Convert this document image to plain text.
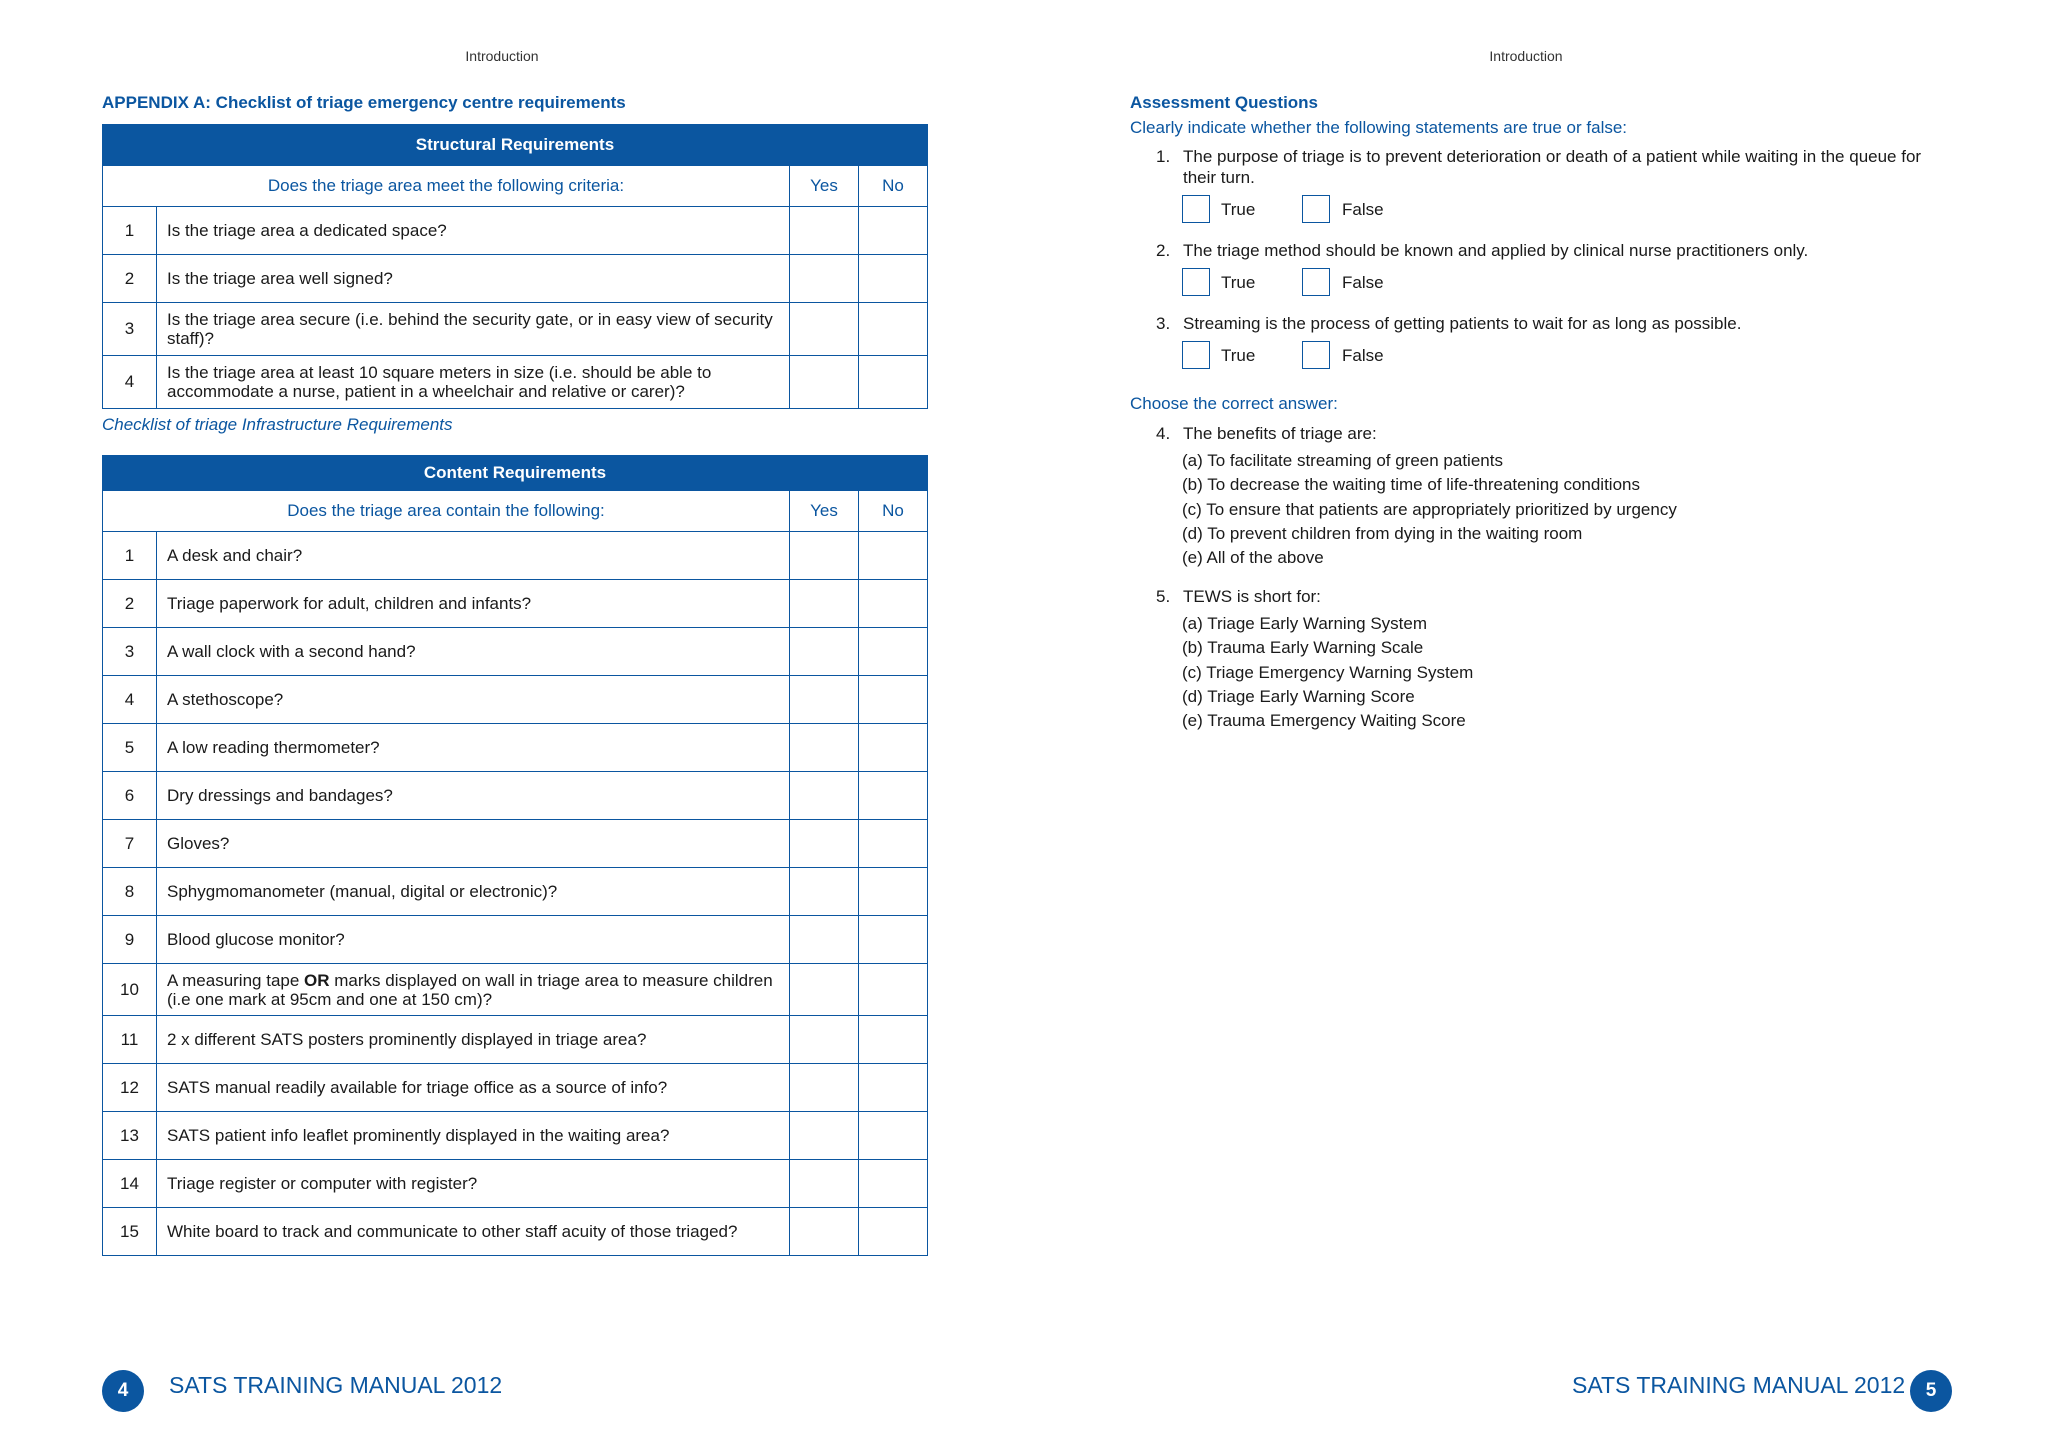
Introduction
APPENDIX A: Checklist of triage emergency centre requirements
Structural Requirements			
Does the triage area meet the following criteria:		Yes	No
1	Is the triage area a dedicated space?		
2	Is the triage area well signed?		
3	Is the triage area secure (i.e. behind the security gate, or in easy view of security staff)?		
4	Is the triage area at least 10 square meters in size (i.e. should be able to accommodate a nurse, patient in a wheelchair and relative or carer)?		
Checklist of triage Infrastructure Requirements
Content Requirements			
Does the triage area contain the following:		Yes	No
1	A desk and chair?		
2	Triage paperwork for adult, children and infants?		
3	A wall clock with a second hand?		
4	A stethoscope?		
5	A low reading thermometer?		
6	Dry dressings and bandages?		
7	Gloves?		
8	Sphygmomanometer (manual, digital or electronic)?		
9	Blood glucose monitor?		
10	A measuring tape OR marks displayed on wall in triage area to measure children (i.e one mark at 95cm and one at 150 cm)?		
11	2 x different SATS posters prominently displayed in triage area?		
12	SATS manual readily available for triage office as a source of info?		
13	SATS patient info leaflet prominently displayed in the waiting area?		
14	Triage register or computer with register?		
15	White board to track and communicate to other staff acuity of those triaged?		
4	SATS TRAINING MANUAL 2012
Introduction
Assessment Questions
Clearly indicate whether the following statements are true or false:
1. The purpose of triage is to prevent deterioration or death of a patient while waiting in the queue for their turn.
True	False
2. The triage method should be known and applied by clinical nurse practitioners only.
True	False
3. Streaming is the process of getting patients to wait for as long as possible.
True	False
Choose the correct answer:
4. The benefits of triage are:
(a) To facilitate streaming of green patients
(b) To decrease the waiting time of life-threatening conditions
(c) To ensure that patients are appropriately prioritized by urgency
(d) To prevent children from dying in the waiting room
(e) All of the above
5. TEWS is short for:
(a) Triage Early Warning System
(b) Trauma Early Warning Scale
(c) Triage Emergency Warning System
(d) Triage Early Warning Score
(e) Trauma Emergency Waiting Score
SATS TRAINING MANUAL 2012	5
